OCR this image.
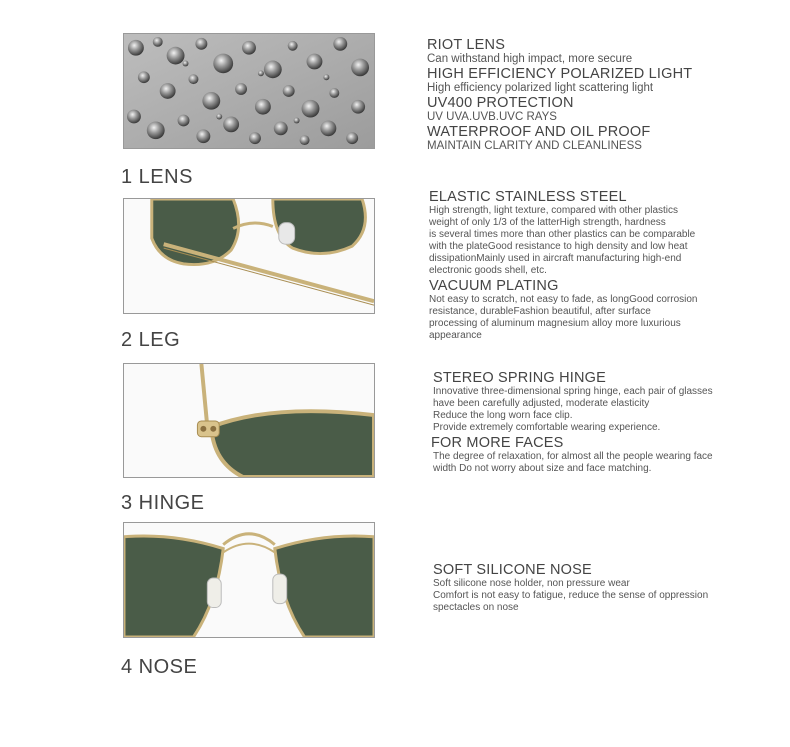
1 LENS
2 LEG
3 HINGE
4 NOSE
RIOT LENS
Can withstand high impact, more secure
HIGH EFFICIENCY POLARIZED LIGHT
High efficiency polarized light scattering light
UV400 PROTECTION
UV UVA.UVB.UVC RAYS
WATERPROOF AND OIL PROOF
MAINTAIN CLARITY AND CLEANLINESS
ELASTIC STAINLESS STEEL
High strength, light texture, compared with other plastics
weight of only 1/3 of the latterHigh strength, hardness
is several times more than other plastics can be comparable
with the plateGood resistance to high density and low heat
dissipationMainly used in aircraft manufacturing high-end
electronic goods shell, etc.
VACUUM PLATING
Not easy to scratch, not easy to fade, as longGood corrosion
resistance, durableFashion beautiful, after surface
processing of aluminum magnesium alloy more luxurious
appearance
STEREO SPRING HINGE
Innovative three-dimensional spring hinge, each pair of glasses
have been carefully adjusted, moderate elasticity
Reduce the long worn face clip.
Provide extremely comfortable wearing experience.
FOR MORE FACES
The degree of relaxation, for almost all the people wearing face
width Do not worry about size and face matching.
SOFT SILICONE NOSE
Soft silicone nose holder, non pressure wear
Comfort is not easy to fatigue, reduce the sense of oppression
spectacles on nose
